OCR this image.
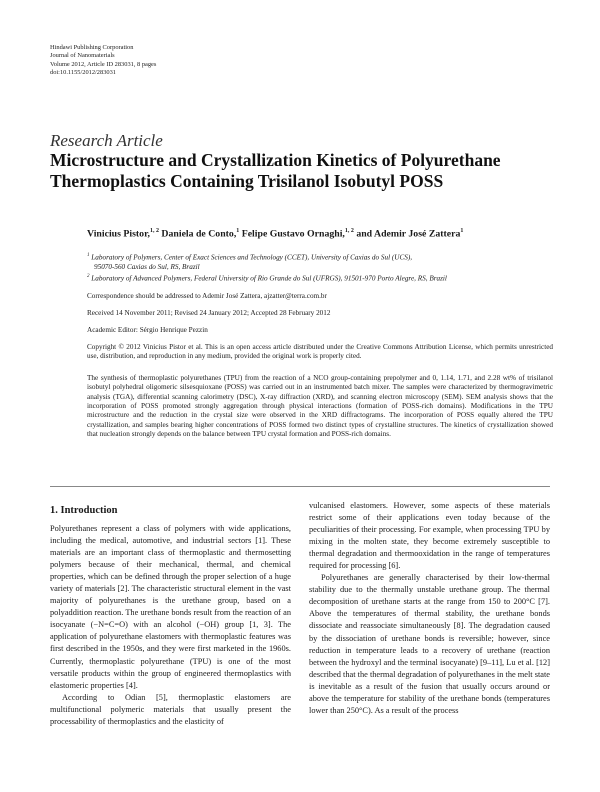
Hindawi Publishing Corporation
Journal of Nanomaterials
Volume 2012, Article ID 283031, 8 pages
doi:10.1155/2012/283031
Research Article
Microstructure and Crystallization Kinetics of Polyurethane
Thermoplastics Containing Trisilanol Isobutyl POSS
Vinicius Pistor,$^{1, 2}$ Daniela de Conto,$^1$ Felipe Gustavo Ornaghi,$^{1, 2}$ and Ademir José Zattera$^1$
$^1$ Laboratory of Polymers, Center of Exact Sciences and Technology (CCET), University of Caxias do Sul (UCS),
95070-560 Caxias do Sul, RS, Brazil
$^2$ Laboratory of Advanced Polymers, Federal University of Rio Grande do Sul (UFRGS), 91501-970 Porto Alegre, RS, Brazil
Correspondence should be addressed to Ademir José Zattera, ajzatter@terra.com.br
Received 14 November 2011; Revised 24 January 2012; Accepted 28 February 2012
Academic Editor: Sérgio Henrique Pezzin
Copyright © 2012 Vinicius Pistor et al. This is an open access article distributed under the Creative Commons Attribution License, which permits unrestricted use, distribution, and reproduction in any medium, provided the original work is properly cited.
The synthesis of thermoplastic polyurethanes (TPU) from the reaction of a NCO group-containing prepolymer and 0, 1.14, 1.71, and 2.28 wt% of trisilanol isobutyl polyhedral oligomeric silsesquioxane (POSS) was carried out in an instrumented batch mixer. The samples were characterized by thermogravimetric analysis (TGA), differential scanning calorimetry (DSC), X-ray diffraction (XRD), and scanning electron microscopy (SEM). SEM analysis shows that the incorporation of POSS promoted strongly aggregation through physical interactions (formation of POSS-rich domains). Modifications in the TPU microstructure and the reduction in the crystal size were observed in the XRD diffractograms. The incorporation of POSS equally altered the TPU crystallization, and samples bearing higher concentrations of POSS formed two distinct types of crystalline structures. The kinetics of crystallization showed that nucleation strongly depends on the balance between TPU crystal formation and POSS-rich domains.
1. Introduction

Polyurethanes represent a class of polymers with wide applications, including the medical, automotive, and industrial sectors [1]. These materials are an important class of thermoplastic and thermosetting polymers because of their mechanical, thermal, and chemical properties, which can be defined through the proper selection of a huge variety of materials [2]. The characteristic structural element in the vast majority of polyurethanes is the urethane group, based on a polyaddition reaction. The urethane bonds result from the reaction of an isocyanate (−N=C=O) with an alcohol (−OH) group [1, 3]. The application of polyurethane elastomers with thermoplastic features was first described in the 1950s, and they were first marketed in the 1960s. Currently, thermoplastic polyurethane (TPU) is one of the most versatile products within the group of engineered thermoplastics with elastomeric properties [4].

According to Odian [5], thermoplastic elastomers are multifunctional polymeric materials that usually present the processability of thermoplastics and the elasticity of

vulcanised elastomers. However, some aspects of these materials restrict some of their applications even today because of the peculiarities of their processing. For example, when processing TPU by mixing in the molten state, they become extremely susceptible to thermal degradation and thermooxidation in the range of temperatures required for processing [6].

Polyurethanes are generally characterised by their low-thermal stability due to the thermally unstable urethane group. The thermal decomposition of urethane starts at the range from 150 to 200°C [7]. Above the temperatures of thermal stability, the urethane bonds dissociate and reassociate simultaneously [8]. The degradation caused by the dissociation of urethane bonds is reversible; however, since reduction in temperature leads to a recovery of urethane (reaction between the hydroxyl and the terminal isocyanate) [9–11], Lu et al. [12] described that the thermal degradation of polyurethanes in the melt state is inevitable as a result of the fusion that usually occurs around or above the temperature for stability of the urethane bonds (temperatures lower than 250°C). As a result of the process
